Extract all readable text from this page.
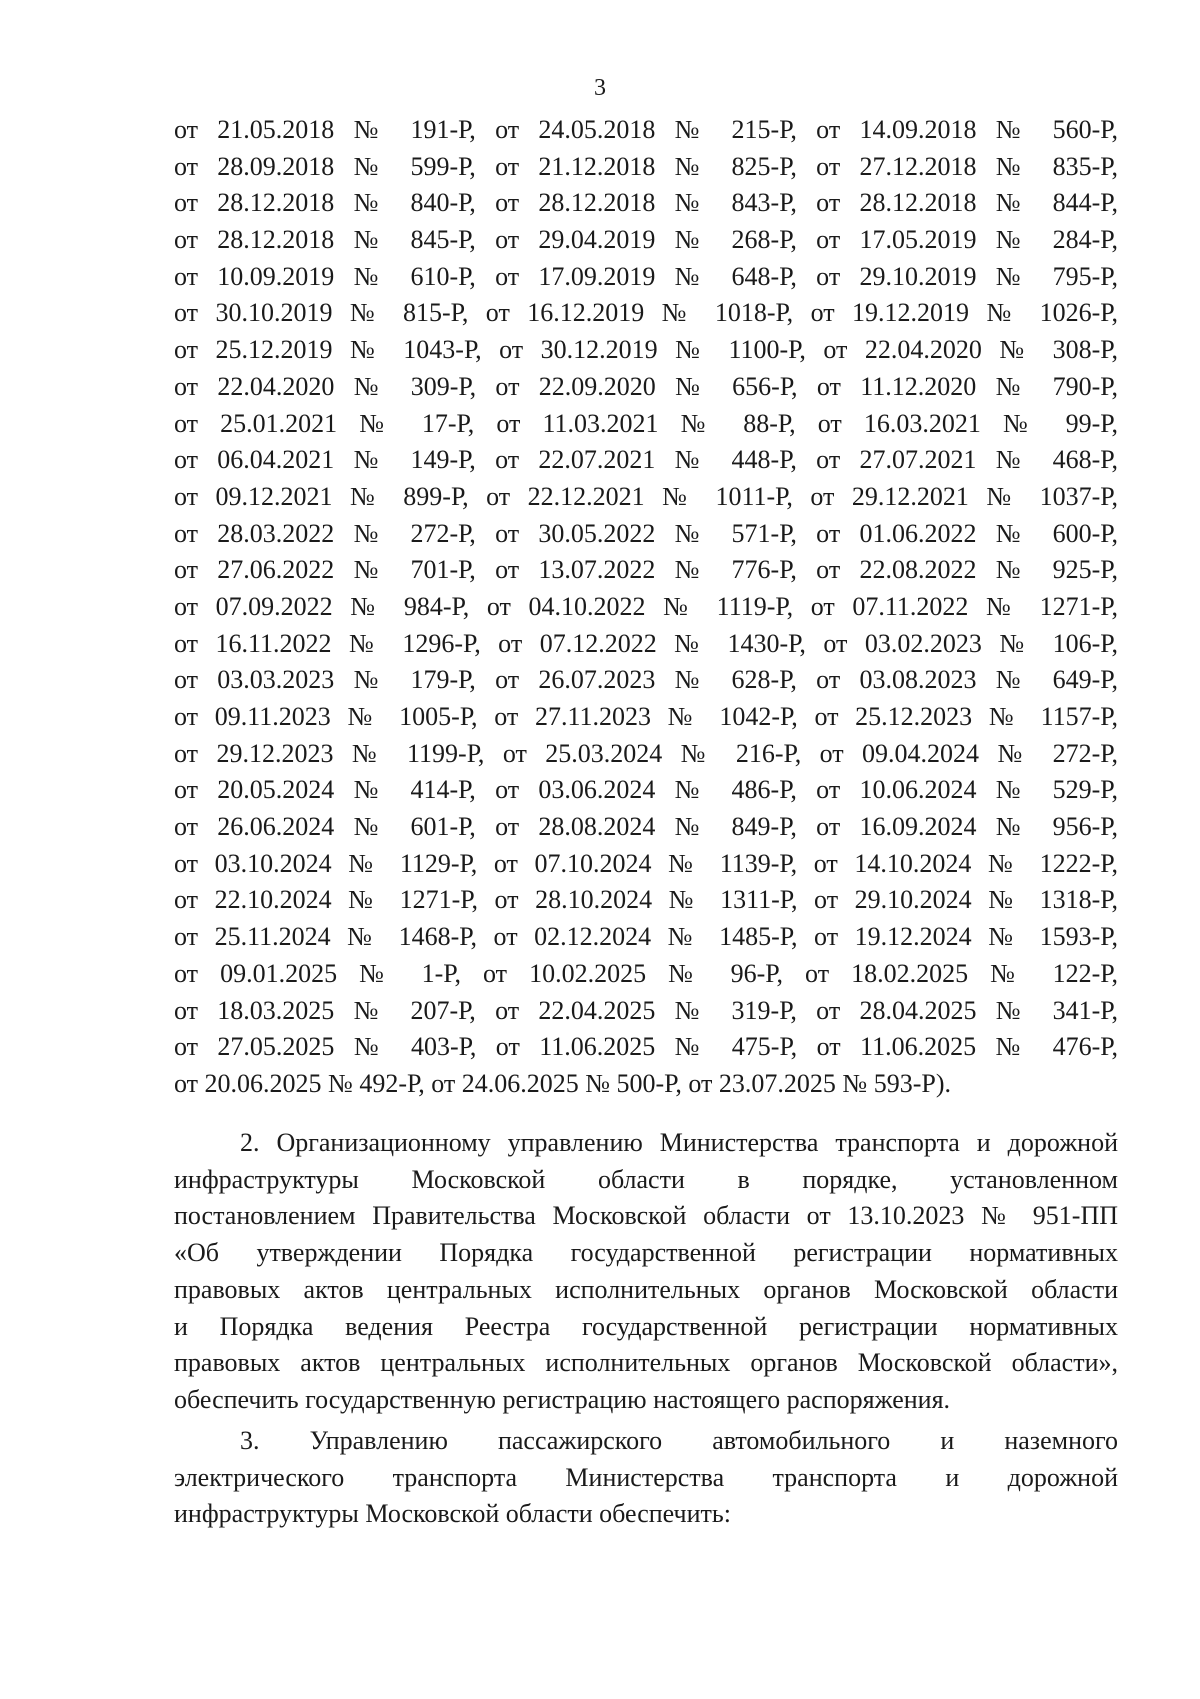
3
от 21.05.2018 № 191-Р, от 24.05.2018 № 215-Р, от 14.09.2018 № 560-Р,
от 28.09.2018 № 599-Р, от 21.12.2018 № 825-Р, от 27.12.2018 № 835-Р,
от 28.12.2018 № 840-Р, от 28.12.2018 № 843-Р, от 28.12.2018 № 844-Р,
от 28.12.2018 № 845-Р, от 29.04.2019 № 268-Р, от 17.05.2019 № 284-Р,
от 10.09.2019 № 610-Р, от 17.09.2019 № 648-Р, от 29.10.2019 № 795-Р,
от 30.10.2019 № 815-Р, от 16.12.2019 № 1018-Р, от 19.12.2019 № 1026-Р,
от 25.12.2019 № 1043-Р, от 30.12.2019 № 1100-Р, от 22.04.2020 № 308-Р,
от 22.04.2020 № 309-Р, от 22.09.2020 № 656-Р, от 11.12.2020 № 790-Р,
от 25.01.2021 № 17-Р, от 11.03.2021 № 88-Р, от 16.03.2021 № 99-Р,
от 06.04.2021 № 149-Р, от 22.07.2021 № 448-Р, от 27.07.2021 № 468-Р,
от 09.12.2021 № 899-Р, от 22.12.2021 № 1011-Р, от 29.12.2021 № 1037-Р,
от 28.03.2022 № 272-Р, от 30.05.2022 № 571-Р, от 01.06.2022 № 600-Р,
от 27.06.2022 № 701-Р, от 13.07.2022 № 776-Р, от 22.08.2022 № 925-Р,
от 07.09.2022 № 984-Р, от 04.10.2022 № 1119-Р, от 07.11.2022 № 1271-Р,
от 16.11.2022 № 1296-Р, от 07.12.2022 № 1430-Р, от 03.02.2023 № 106-Р,
от 03.03.2023 № 179-Р, от 26.07.2023 № 628-Р, от 03.08.2023 № 649-Р,
от 09.11.2023 № 1005-Р, от 27.11.2023 № 1042-Р, от 25.12.2023 № 1157-Р,
от 29.12.2023 № 1199-Р, от 25.03.2024 № 216-Р, от 09.04.2024 № 272-Р,
от 20.05.2024 № 414-Р, от 03.06.2024 № 486-Р, от 10.06.2024 № 529-Р,
от 26.06.2024 № 601-Р, от 28.08.2024 № 849-Р, от 16.09.2024 № 956-Р,
от 03.10.2024 № 1129-Р, от 07.10.2024 № 1139-Р, от 14.10.2024 № 1222-Р,
от 22.10.2024 № 1271-Р, от 28.10.2024 № 1311-Р, от 29.10.2024 № 1318-Р,
от 25.11.2024 № 1468-Р, от 02.12.2024 № 1485-Р, от 19.12.2024 № 1593-Р,
от 09.01.2025 № 1-Р, от 10.02.2025 № 96-Р, от 18.02.2025 № 122-Р,
от 18.03.2025 № 207-Р, от 22.04.2025 № 319-Р, от 28.04.2025 № 341-Р,
от 27.05.2025 № 403-Р, от 11.06.2025 № 475-Р, от 11.06.2025 № 476-Р,
от 20.06.2025 № 492-Р, от 24.06.2025 № 500-Р, от 23.07.2025 № 593-Р).
2. Организационному управлению Министерства транспорта и дорожной
инфраструктуры Московской области в порядке, установленном
постановлением Правительства Московской области от 13.10.2023 № 951-ПП
«Об утверждении Порядка государственной регистрации нормативных
правовых актов центральных исполнительных органов Московской области
и Порядка ведения Реестра государственной регистрации нормативных
правовых актов центральных исполнительных органов Московской области»,
обеспечить государственную регистрацию настоящего распоряжения.
3. Управлению пассажирского автомобильного и наземного
электрического транспорта Министерства транспорта и дорожной
инфраструктуры Московской области обеспечить:
